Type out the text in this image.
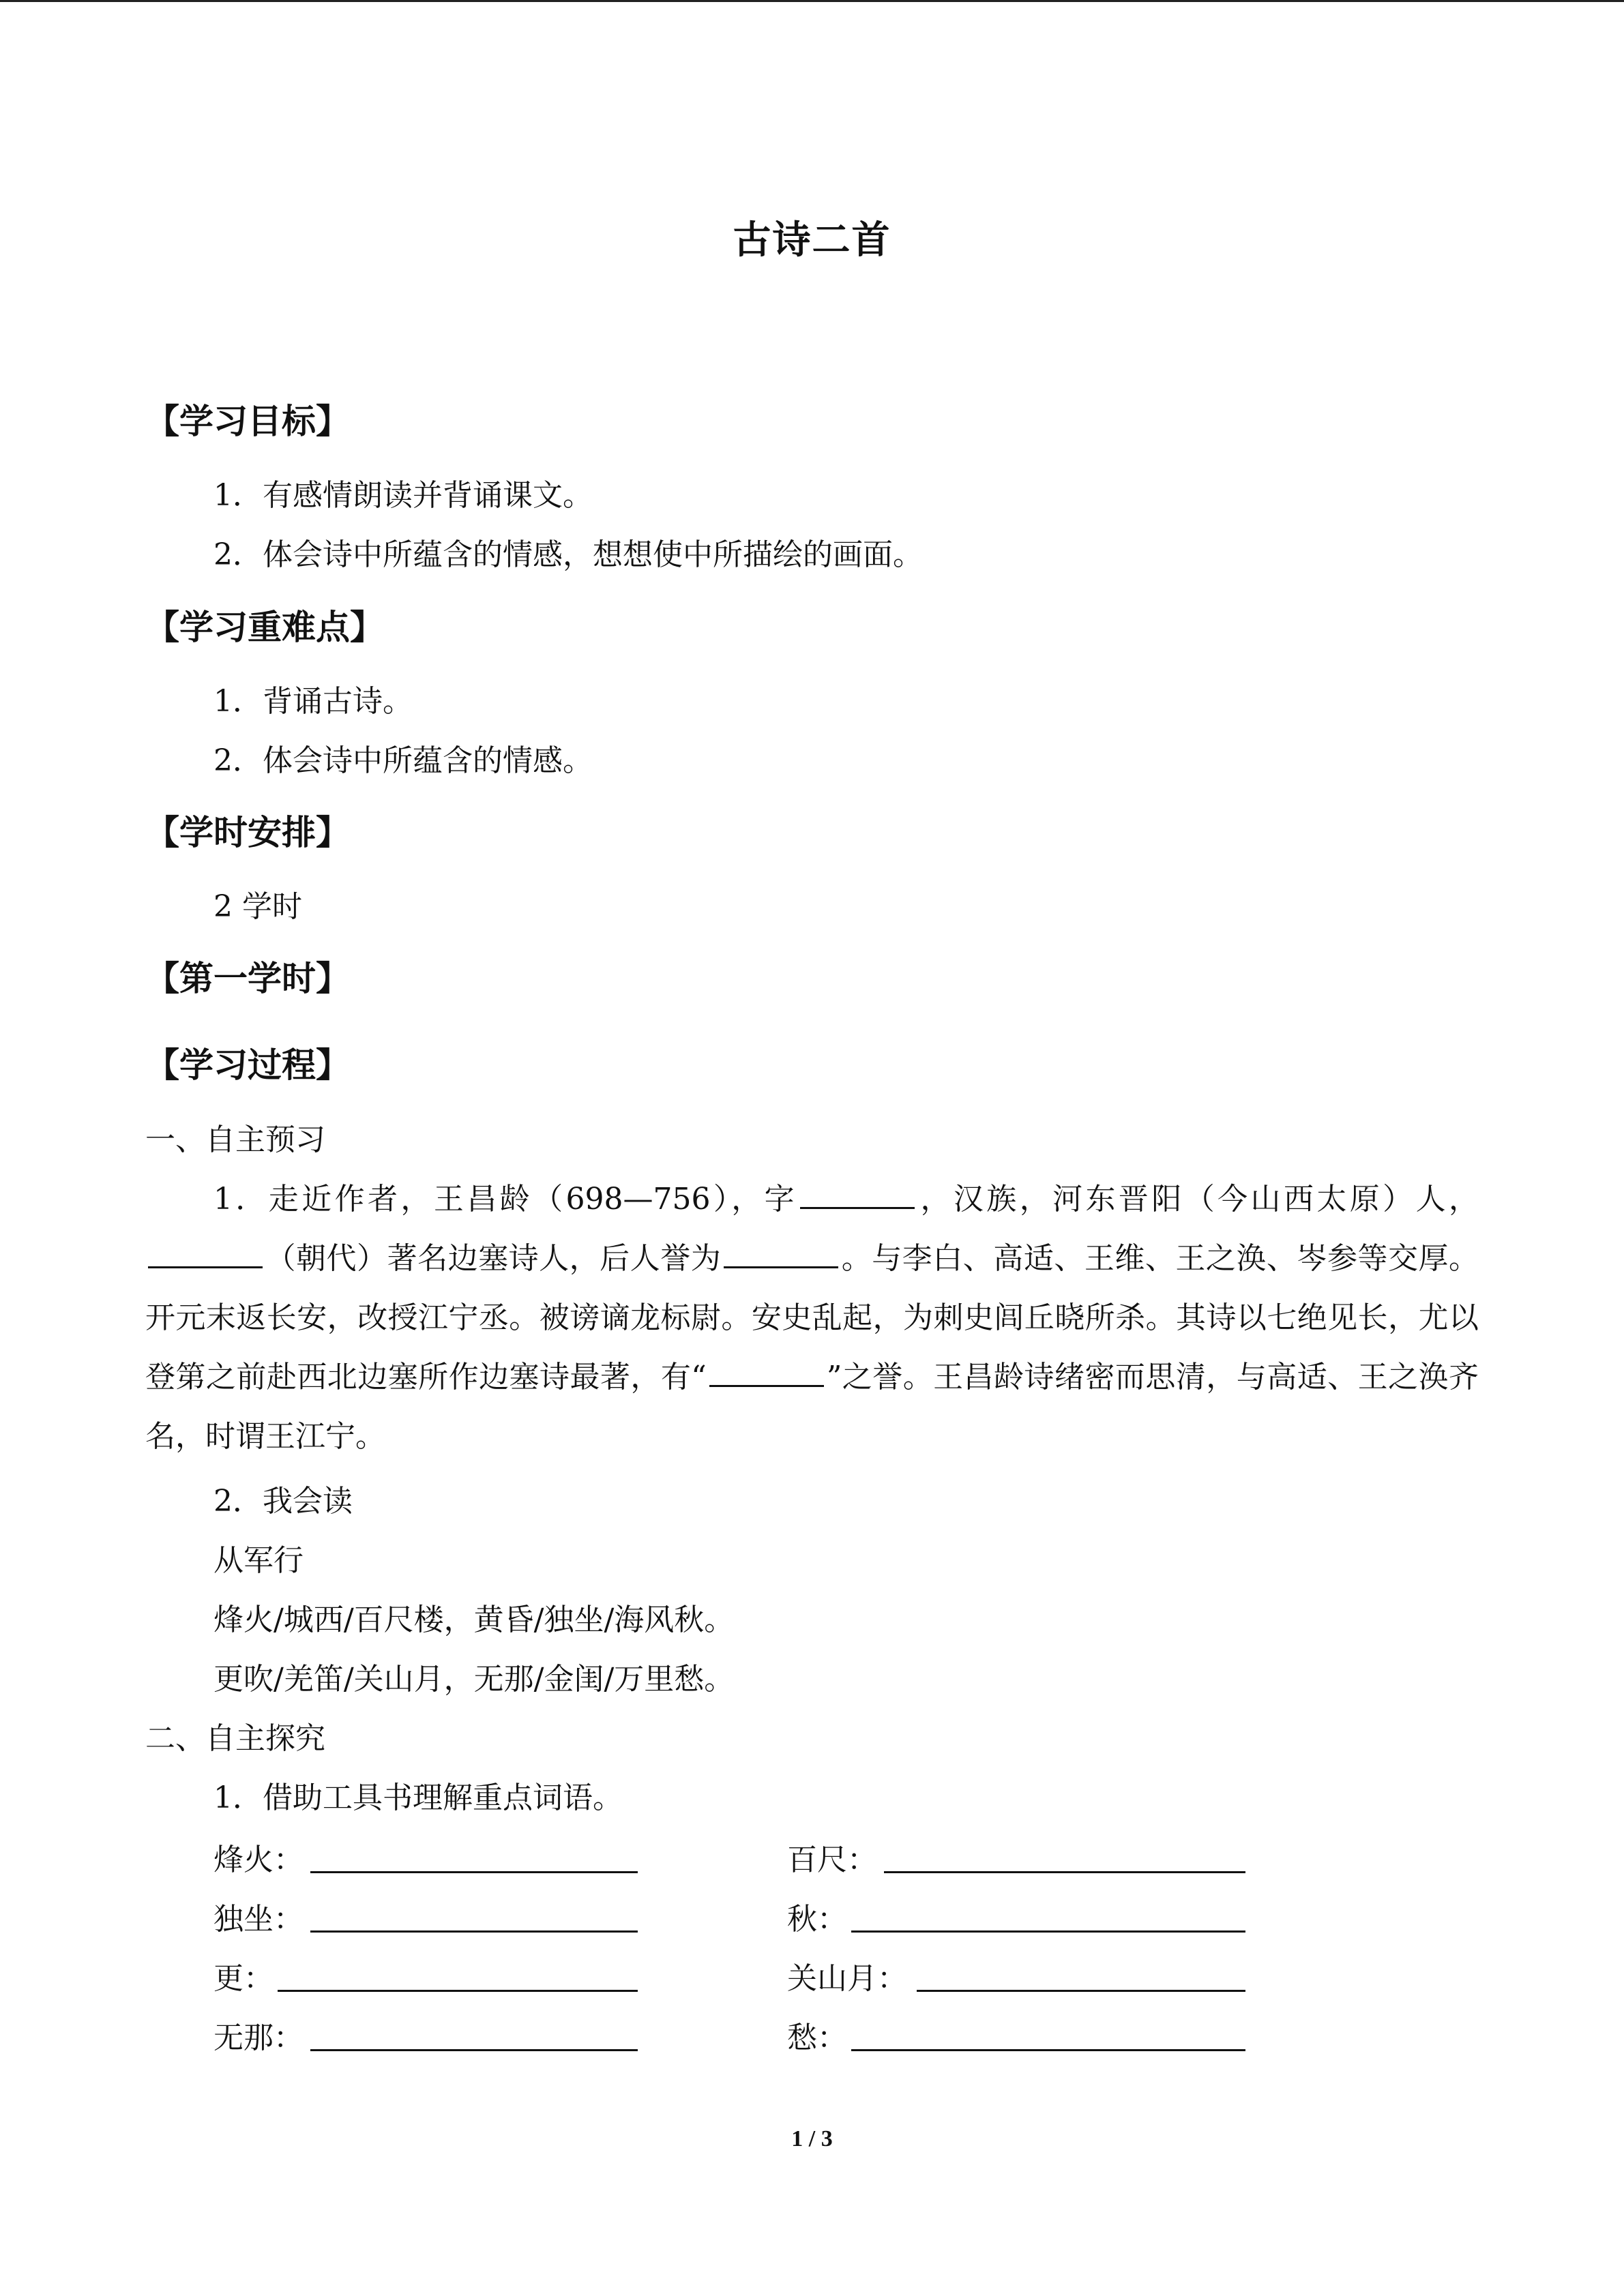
古诗二首
【学习目标】
1．有感情朗读并背诵课文。
2．体会诗中所蕴含的情感，想想使中所描绘的画面。
【学习重难点】
1．背诵古诗。
2．体会诗中所蕴含的情感。
【学时安排】
2 学时
【第一学时】
【学习过程】
一、自主预习
1．走近作者，王昌龄（698—756），字	，汉族，河东晋阳（今山西太原）人，（朝代）著名边塞诗人，后人誉为	。与李白、高适、王维、王之涣、岑参等交厚。开元末返长安，改授江宁丞。被谤谪龙标尉。安史乱起，为刺史闾丘晓所杀。其诗以七绝见长，尤以登第之前赴西北边塞所作边塞诗最著，有“	”之誉。王昌龄诗绪密而思清，与高适、王之涣齐名，时谓王江宁。
2．我会读
从军行
烽火/城西/百尺楼，黄昏/独坐/海风秋。
更吹/羌笛/关山月，无那/金闺/万里愁。
二、自主探究
1．借助工具书理解重点词语。
烽火：	百尺：
独坐：	秋：
更：	关山月：
无那：	愁：
1 / 3
